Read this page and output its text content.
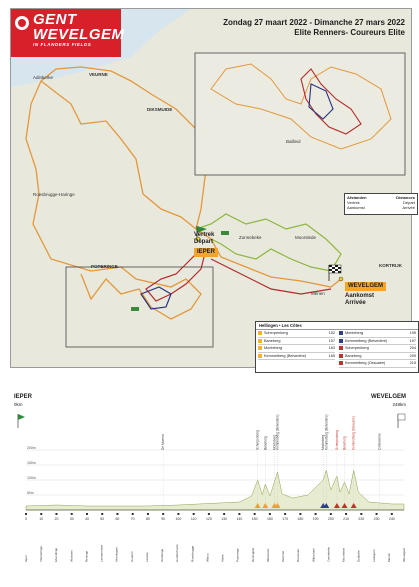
GENT
WEVELGEM
IN FLANDERS FIELDS
Zondag 27 maart 2022 - Dimanche 27 mars 2022
Elite Renners- Coureurs Elite
VEURNE
DIKSMUIDE
POPERINGE	KORTRIJK
Bailleul
Adinkerke
Roesbrugge-Haringe
Zonnebeke	Moorslede
Menen
Vertrek
Départ
IEPER
WEVELGEM
Aankomst
Arrivée
Afstanden	Distances
Vertrek	Départ
Aankomst	Arrivée
Hellingen • Les Côtes
Scherpenberg	152
Baneberg	157
Monteberg	163
Kemmelberg (Belvedère)	165
Monteberg	195
Kemmelberg (Belvedère)	197
Scherpenberg	204
Baneberg	209
Kemmelberg (Ossuaire)	215
IEPER
0km
WEVELGEM
248km
200m
150m
100m
50m
0	10	20	30	40	50	60	70	80	90	100	110	120	130	140	150	160	170	180	190	200	210	220	230	240
Scherpenberg Baneberg Monteberg Kemmelberg (Belvedère)	Monteberg Kemmelberg (Belvedère) Scherpenberg Baneberg Kemmelberg (Ossuaire)
De Moeren	Collewierne
Ieper	Vlamertinge	Elverdinge	Woesten	Reninge	Lampernisse	Alveringem	Houtem	Leisele	Izenberge	Hondschoote	Roesbrugge	Watou	Abele	Poperinge	Reningelst	Westouter	Kemmel	Dranouter	Wijtschate	Zonnebeke	Moorslede	Dadizele	Ledegem	Menen	Wevelgem
